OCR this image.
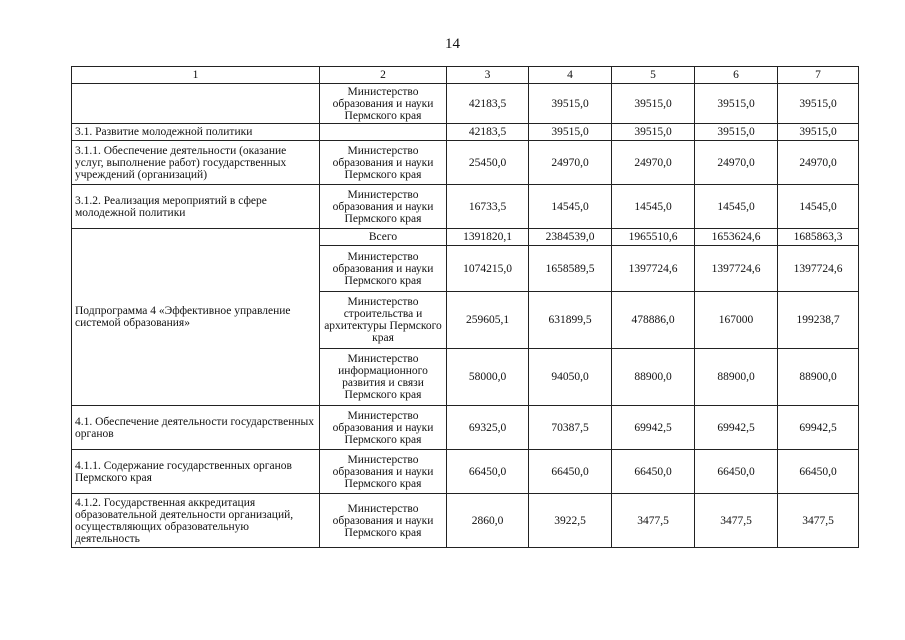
14
1	2	3	4	5	6	7
	Министерство образования и науки Пермского края	42183,5	39515,0	39515,0	39515,0	39515,0
3.1. Развитие молодежной политики		42183,5	39515,0	39515,0	39515,0	39515,0
3.1.1. Обеспечение деятельности (оказание услуг, выполнение работ) государственных учреждений (организаций)	Министерство образования и науки Пермского края	25450,0	24970,0	24970,0	24970,0	24970,0
3.1.2. Реализация мероприятий в сфере молодежной политики	Министерство образования и науки Пермского края	16733,5	14545,0	14545,0	14545,0	14545,0
Подпрограмма 4 «Эффективное управление системой образования»	Всего	1391820,1	2384539,0	1965510,6	1653624,6	1685863,3
	Министерство образования и науки Пермского края	1074215,0	1658589,5	1397724,6	1397724,6	1397724,6
	Министерство строительства и архитектуры Пермского края	259605,1	631899,5	478886,0	167000	199238,7
	Министерство информационного развития и связи Пермского края	58000,0	94050,0	88900,0	88900,0	88900,0
4.1. Обеспечение деятельности государственных органов	Министерство образования и науки Пермского края	69325,0	70387,5	69942,5	69942,5	69942,5
4.1.1. Содержание государственных органов Пермского края	Министерство образования и науки Пермского края	66450,0	66450,0	66450,0	66450,0	66450,0
4.1.2. Государственная аккредитация образовательной деятельности организаций, осуществляющих образовательную деятельность	Министерство образования и науки Пермского края	2860,0	3922,5	3477,5	3477,5	3477,5
